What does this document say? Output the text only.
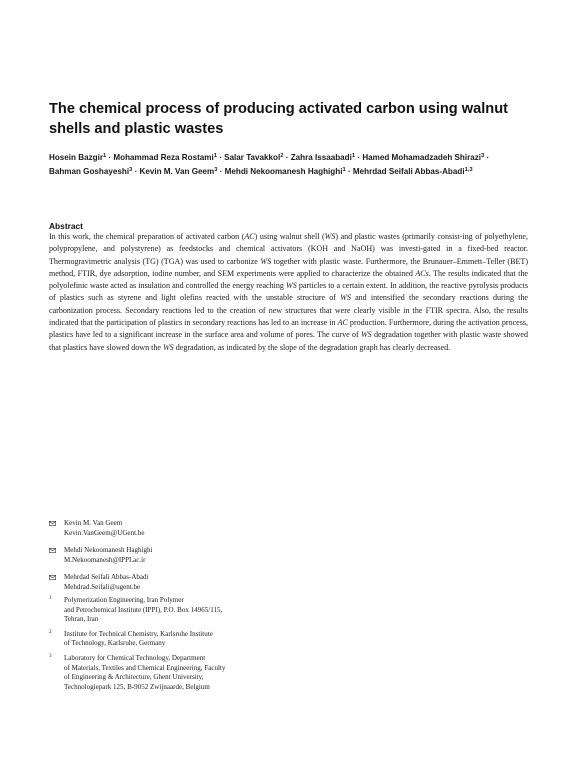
The chemical process of producing activated carbon using walnut
shells and plastic wastes
Hosein Bazgir$^1$ · Mohammad Reza Rostami$^1$ · Salar Tavakkol$^2$ · Zahra Issaabadi$^1$ · Hamed Mohamadzadeh Shirazi$^3$ ·
Bahman Goshayeshi$^3$ · Kevin M. Van Geem$^3$ · Mehdi Nekoomanesh Haghighi$^1$ · Mehrdad Seifali Abbas-Abadi$^{1,3}$
Abstract
In this work, the chemical preparation of activated carbon (AC) using walnut shell (WS) and plastic wastes (primarily consist-ing of polyethylene, polypropylene, and polystyrene) as feedstocks and chemical activators (KOH and NaOH) was investi-gated in a fixed-bed reactor. Thermogravimetric analysis (TG) (TGA) was used to carbonize WS together with plastic waste. Furthermore, the Brunauer–Emmett–Teller (BET) method, FTIR, dye adsorption, iodine number, and SEM experiments were applied to characterize the obtained ACs. The results indicated that the polyolefinic waste acted as insulation and controlled the energy reaching WS particles to a certain extent. In addition, the reactive pyrolysis products of plastics such as styrene and light olefins reacted with the unstable structure of WS and intensified the secondary reactions during the carbonization process. Secondary reactions led to the creation of new structures that were clearly visible in the FTIR spectra. Also, the results indicated that the participation of plastics in secondary reactions has led to an increase in AC production. Furthermore, during the activation process, plastics have led to a significant increase in the surface area and volume of pores. The curve of WS degradation together with plastic waste showed that plastics have slowed down the WS degradation, as indicated by the slope of the degradation graph has clearly decreased.
Kevin M. Van Geem
Kevin.VanGeem@UGent.be
Mehdi Nekoomanesh Haghighi
M.Nekoomanesh@IPPI.ac.ir
Mehrdad Seifali Abbas-Abadi
Mehdrad.Seifali@ugent.be
1 Polymerization Engineering, Iran Polymer
and Petrochemical Institute (IPPI), P.O. Box 14965/115,
Tehran, Iran
2 Institute for Technical Chemistry, Karlsruhe Institute
of Technology, Karlsruhe, Germany
3 Laboratory for Chemical Technology, Department
of Materials, Textiles and Chemical Engineering, Faculty
of Engineering & Architecture, Ghent University,
Technologiepark 125, B-9052 Zwijnaarde, Belgium
